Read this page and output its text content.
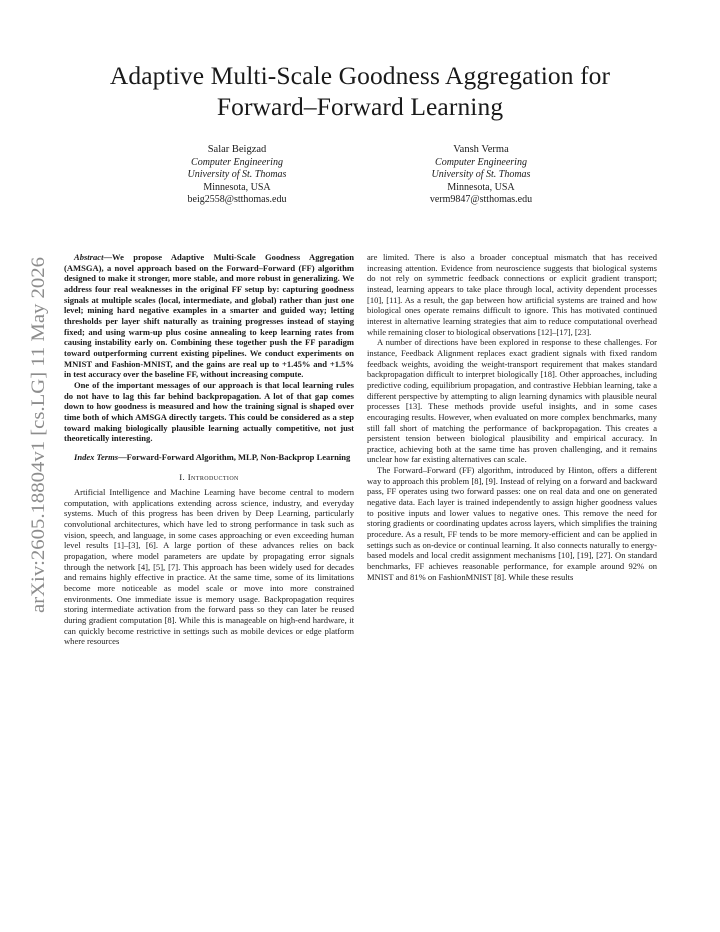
arXiv:2605.18804v1 [cs.LG] 11 May 2026
Adaptive Multi-Scale Goodness Aggregation for
Forward–Forward Learning
Salar Beigzad
Computer Engineering
University of St. Thomas
Minnesota, USA
beig2558@stthomas.edu
Vansh Verma
Computer Engineering
University of St. Thomas
Minnesota, USA
verm9847@stthomas.edu

Abstract—We propose Adaptive Multi-Scale Goodness Aggregation (AMSGA), a novel approach based on the Forward–Forward (FF) algorithm designed to make it stronger, more stable, and more robust in generalizing. We address four real weaknesses in the original FF setup by: capturing goodness signals at multiple scales (local, intermediate, and global) rather than just one level; mining hard negative examples in a smarter and guided way; letting thresholds per layer shift naturally as training progresses instead of staying fixed; and using warm-up plus cosine annealing to keep learning rates from causing instability early on. Combining these together push the FF paradigm toward outperforming current existing pipelines. We conduct experiments on MNIST and Fashion-MNIST, and the gains are real up to +1.45% and +1.5% in test accuracy over the baseline FF, without increasing compute.

One of the important messages of our approach is that local learning rules do not have to lag this far behind backpropagation. A lot of that gap comes down to how goodness is measured and how the training signal is shaped over time both of which AMSGA directly targets. This could be considered as a step toward making biologically plausible learning actually competitive, not just theoretically interesting.

Index Terms—Forward-Forward Algorithm, MLP, Non-Backprop Learning

I. Introduction

Artificial Intelligence and Machine Learning have become central to modern computation, with applications extending across science, industry, and everyday systems. Much of this progress has been driven by Deep Learning, particularly convolutional architectures, which have led to strong performance in task such as vision, speech, and language, in some cases approaching or even exceeding human level results [1]–[3], [6]. A large portion of these advances relies on back propagation, where model parameters are update by propagating error signals through the network [4], [5], [7]. This approach has been widely used for decades and remains highly effective in practice. At the same time, some of its limitations become more noticeable as model scale or move into more constrained environments. One immediate issue is memory usage. Backpropagation requires storing intermediate activation from the forward pass so they can later be reused during gradient computation [8]. While this is manageable on high-end hardware, it can quickly become restrictive in settings such as mobile devices or edge platform where resources

are limited. There is also a broader conceptual mismatch that has received increasing attention. Evidence from neuroscience suggests that biological systems do not rely on symmetric feedback connections or explicit gradient transport; instead, learning appears to take place through local, activity dependent processes [10], [11]. As a result, the gap between how artificial systems are trained and how biological ones operate remains difficult to ignore. This has motivated continued interest in alternative learning strategies that aim to reduce computational overhead while remaining closer to biological observations [12]–[17], [23].

A number of directions have been explored in response to these challenges. For instance, Feedback Alignment replaces exact gradient signals with fixed random feedback weights, avoiding the weight-transport requirement that makes standard backpropagation difficult to interpret biologically [18]. Other approaches, including predictive coding, equilibrium propagation, and contrastive Hebbian learning, take a different perspective by attempting to align learning dynamics with plausible neural processes [13]. These methods provide useful insights, and in some cases encouraging results. However, when evaluated on more complex benchmarks, many still fall short of matching the performance of backpropagation. This creates a persistent tension between biological plausibility and empirical accuracy. In practice, achieving both at the same time has proven challenging, and it remains unclear how far existing alternatives can scale.

The Forward–Forward (FF) algorithm, introduced by Hinton, offers a different way to approach this problem [8], [9]. Instead of relying on a forward and backward pass, FF operates using two forward passes: one on real data and one on generated negative data. Each layer is trained independently to assign higher goodness values to positive inputs and lower values to negative ones. This remove the need for storing gradients or coordinating updates across layers, which simplifies the training procedure. As a result, FF tends to be more memory-efficient and can be applied in settings such as on-device or continual learning. It also connects naturally to energy-based models and local credit assignment mechanisms [10], [19], [27]. On standard benchmarks, FF achieves reasonable performance, for example around 92% on MNIST and 81% on FashionMNIST [8]. While these results
